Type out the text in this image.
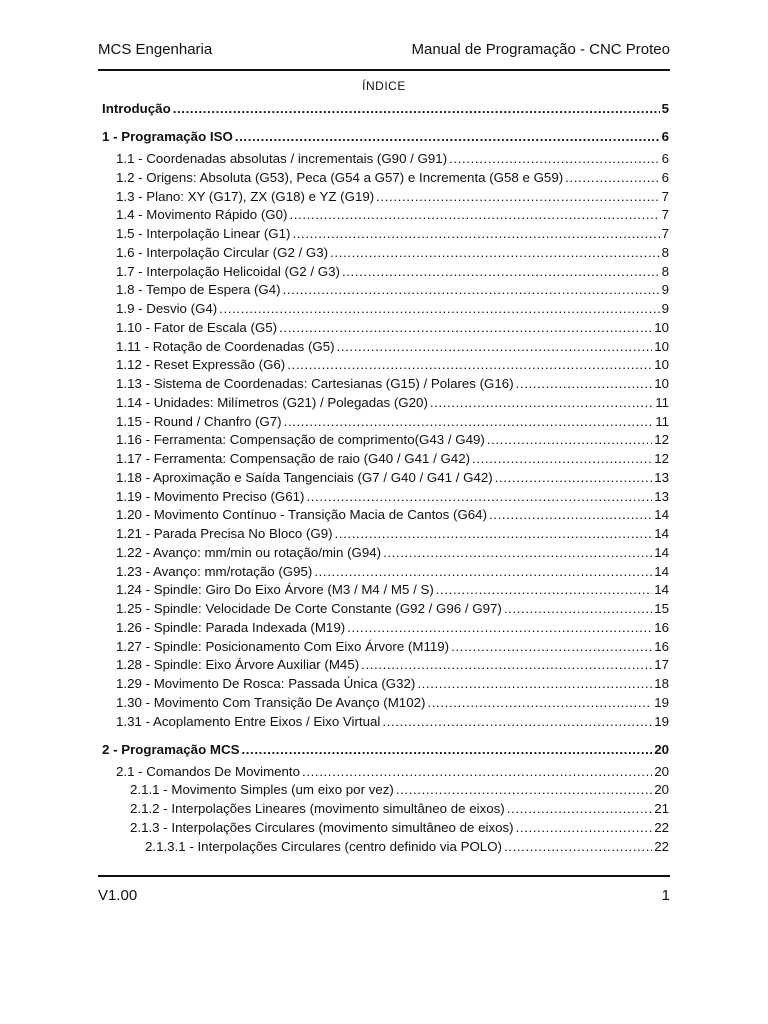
MCS Engenharia	Manual de Programação - CNC Proteo
ÍNDICE
Introdução .....	5
1 - Programação ISO .....	6
1.1 - Coordenadas absolutas / incrementais (G90 / G91) .....	6
1.2 - Origens: Absoluta (G53), Peca (G54 a G57) e Incrementa (G58 e G59) .....	6
1.3 - Plano: XY (G17), ZX (G18) e YZ (G19) .....	7
1.4 - Movimento Rápido (G0) .....	7
1.5 - Interpolação Linear (G1) .....	7
1.6 - Interpolação Circular (G2 / G3) .....	8
1.7 - Interpolação Helicoidal (G2 / G3) .....	8
1.8 - Tempo de Espera (G4) .....	9
1.9 - Desvio (G4) .....	9
1.10 - Fator de Escala (G5) .....	10
1.11 - Rotação de Coordenadas (G5) .....	10
1.12 - Reset Expressão (G6) .....	10
1.13 - Sistema de Coordenadas: Cartesianas (G15) / Polares (G16) .....	10
1.14 - Unidades: Milímetros (G21) / Polegadas (G20) .....	11
1.15 - Round / Chanfro (G7) .....	11
1.16 - Ferramenta: Compensação de comprimento(G43 / G49) .....	12
1.17 - Ferramenta: Compensação de raio (G40 / G41 / G42) .....	12
1.18 - Aproximação e Saída Tangenciais (G7 / G40 / G41 / G42) .....	13
1.19 - Movimento Preciso (G61) .....	13
1.20 - Movimento Contínuo - Transição Macia de Cantos (G64) .....	14
1.21 - Parada Precisa No Bloco (G9) .....	14
1.22 - Avanço: mm/min ou rotação/min (G94) .....	14
1.23 - Avanço: mm/rotação (G95) .....	14
1.24 - Spindle: Giro Do Eixo Árvore (M3 / M4 / M5 / S) .....	14
1.25 - Spindle: Velocidade De Corte Constante (G92 / G96 / G97) .....	15
1.26 - Spindle: Parada Indexada (M19) .....	16
1.27 - Spindle: Posicionamento Com Eixo Árvore (M119) .....	16
1.28 - Spindle: Eixo Árvore Auxiliar (M45) .....	17
1.29 - Movimento De Rosca: Passada Única (G32) .....	18
1.30 - Movimento Com Transição De Avanço (M102) .....	19
1.31 - Acoplamento Entre Eixos / Eixo Virtual .....	19
2 - Programação MCS .....	20
2.1 - Comandos De Movimento .....	20
2.1.1 - Movimento Simples (um eixo por vez) .....	20
2.1.2 - Interpolações Lineares (movimento simultâneo de eixos) .....	21
2.1.3 - Interpolações Circulares (movimento simultâneo de eixos) .....	22
2.1.3.1 - Interpolações Circulares (centro definido via POLO) .....	22
V1.00	1
